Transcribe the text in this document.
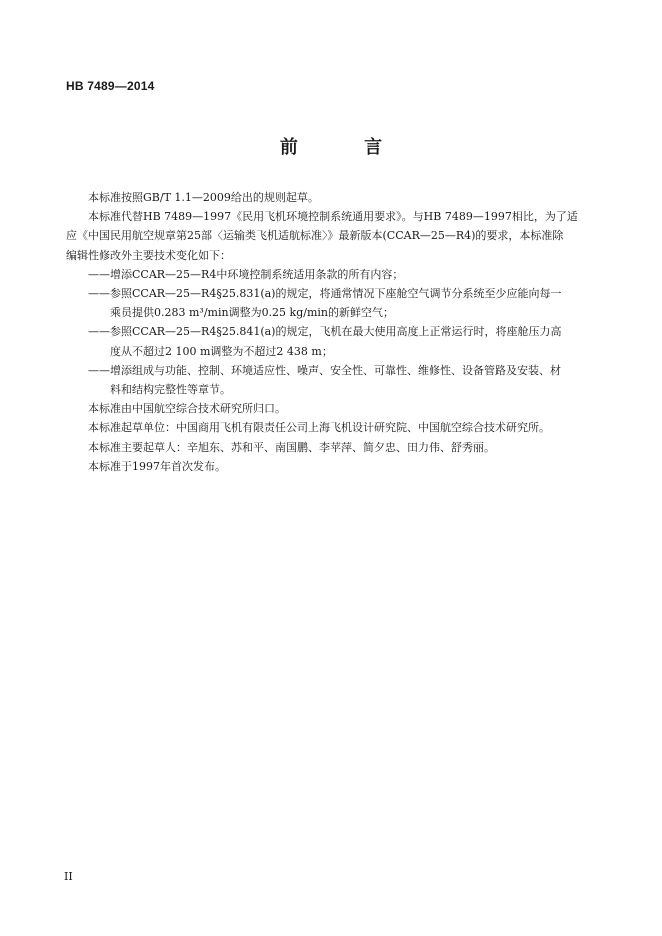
HB 7489—2014

前 言

本标准按照GB/T 1.1—2009给出的规则起草。

本标准代替HB 7489—1997《民用飞机环境控制系统通用要求》。与HB 7489—1997相比，为了适
应《中国民用航空规章第25部〈运输类飞机适航标准〉》最新版本(CCAR—25—R4)的要求，本标准除
编辑性修改外主要技术变化如下：

——增添CCAR—25—R4中环境控制系统适用条款的所有内容；

——参照CCAR—25—R4§25.831(a)的规定，将通常情况下座舱空气调节分系统至少应能向每一
乘员提供0.283 m³/min调整为0.25 kg/min的新鲜空气；

——参照CCAR—25—R4§25.841(a)的规定，飞机在最大使用高度上正常运行时，将座舱压力高
度从不超过2 100 m调整为不超过2 438 m；

——增添组成与功能、控制、环境适应性、噪声、安全性、可靠性、维修性、设备管路及安装、材
料和结构完整性等章节。

本标准由中国航空综合技术研究所归口。

本标准起草单位：中国商用飞机有限责任公司上海飞机设计研究院、中国航空综合技术研究所。

本标准主要起草人：辛旭东、苏和平、南国鹏、李苹萍、简夕忠、田力伟、舒秀丽。

本标准于1997年首次发布。

II
